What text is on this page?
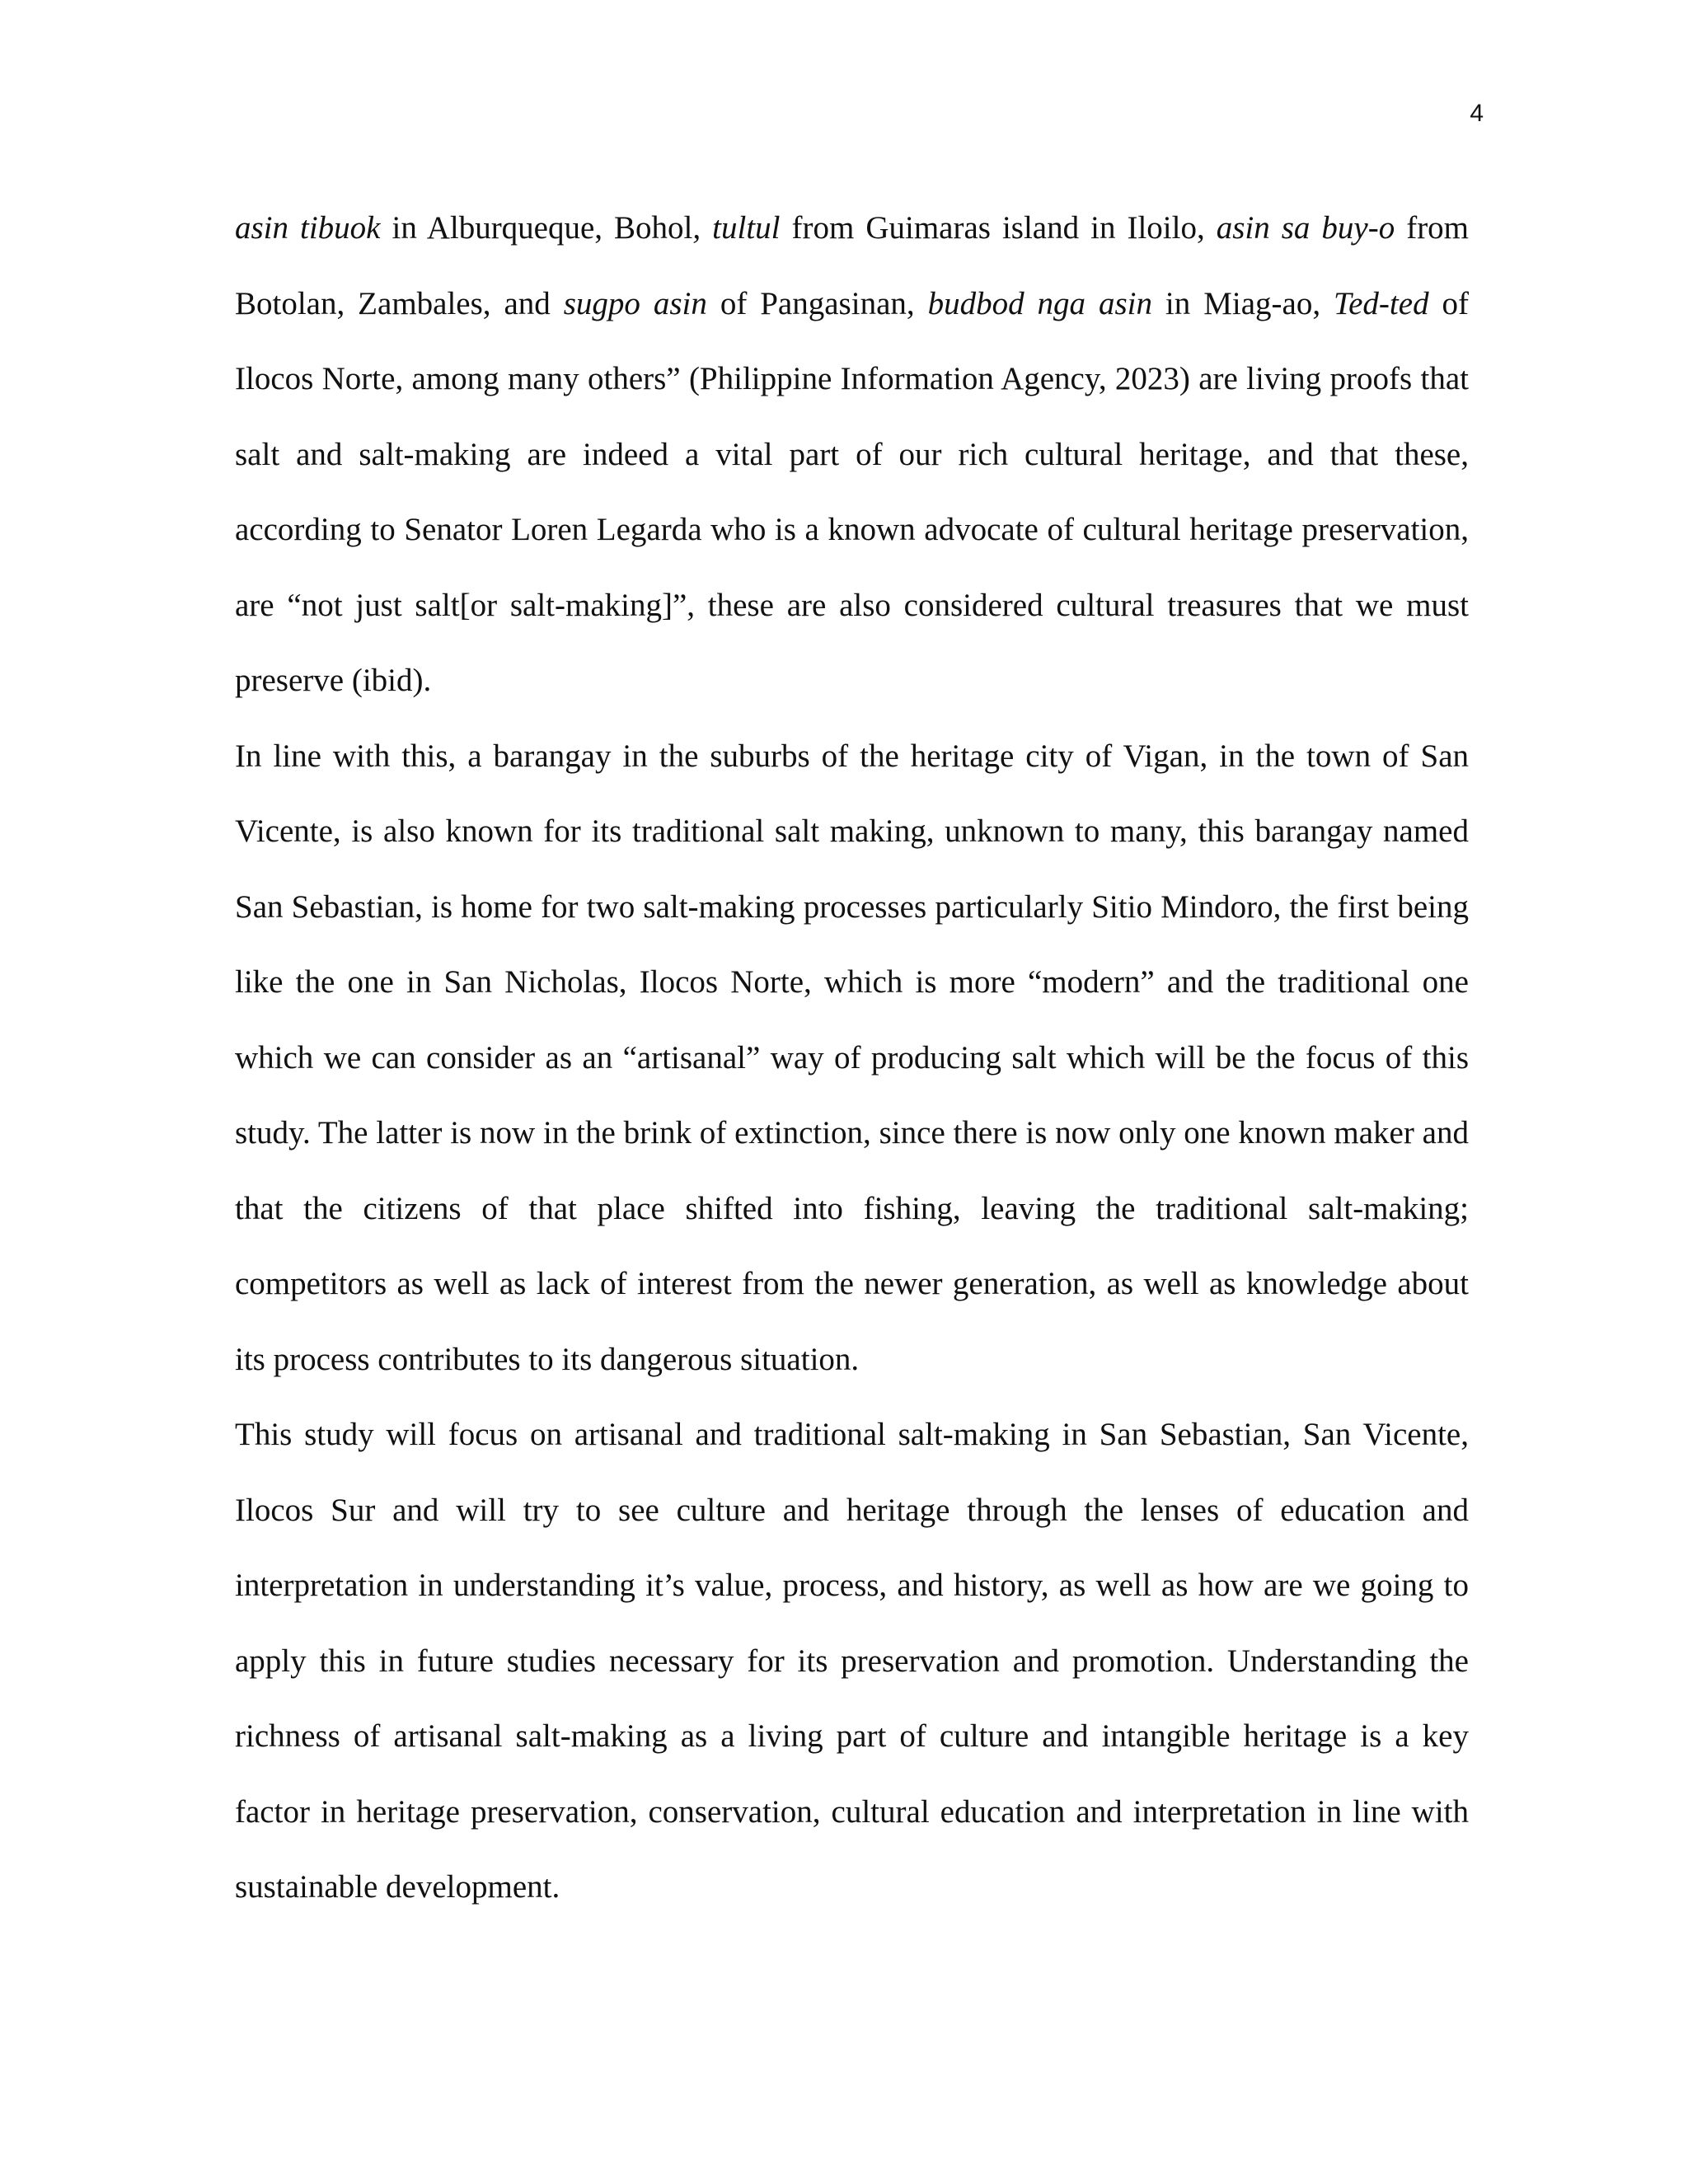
4

asin tibuok in Alburqueque, Bohol, tultul from Guimaras island in Iloilo, asin sa buy-o from Botolan, Zambales, and sugpo asin of Pangasinan, budbod nga asin in Miag-ao, Ted-ted of Ilocos Norte, among many others” (Philippine Information Agency, 2023) are living proofs that salt and salt-making are indeed a vital part of our rich cultural heritage, and that these, according to Senator Loren Legarda who is a known advocate of cultural heritage preservation, are “not just salt[or salt-making]”, these are also considered cultural treasures that we must preserve (ibid).

In line with this, a barangay in the suburbs of the heritage city of Vigan, in the town of San Vicente, is also known for its traditional salt making, unknown to many, this barangay named San Sebastian, is home for two salt-making processes particularly Sitio Mindoro, the first being like the one in San Nicholas, Ilocos Norte, which is more “modern” and the traditional one which we can consider as an “artisanal” way of producing salt which will be the focus of this study. The latter is now in the brink of extinction, since there is now only one known maker and that the citizens of that place shifted into fishing, leaving the traditional salt-making; competitors as well as lack of interest from the newer generation, as well as knowledge about its process contributes to its dangerous situation.

This study will focus on artisanal and traditional salt-making in San Sebastian, San Vicente, Ilocos Sur and will try to see culture and heritage through the lenses of education and interpretation in understanding it’s value, process, and history, as well as how are we going to apply this in future studies necessary for its preservation and promotion. Understanding the richness of artisanal salt-making as a living part of culture and intangible heritage is a key factor in heritage preservation, conservation, cultural education and interpretation in line with sustainable development.
